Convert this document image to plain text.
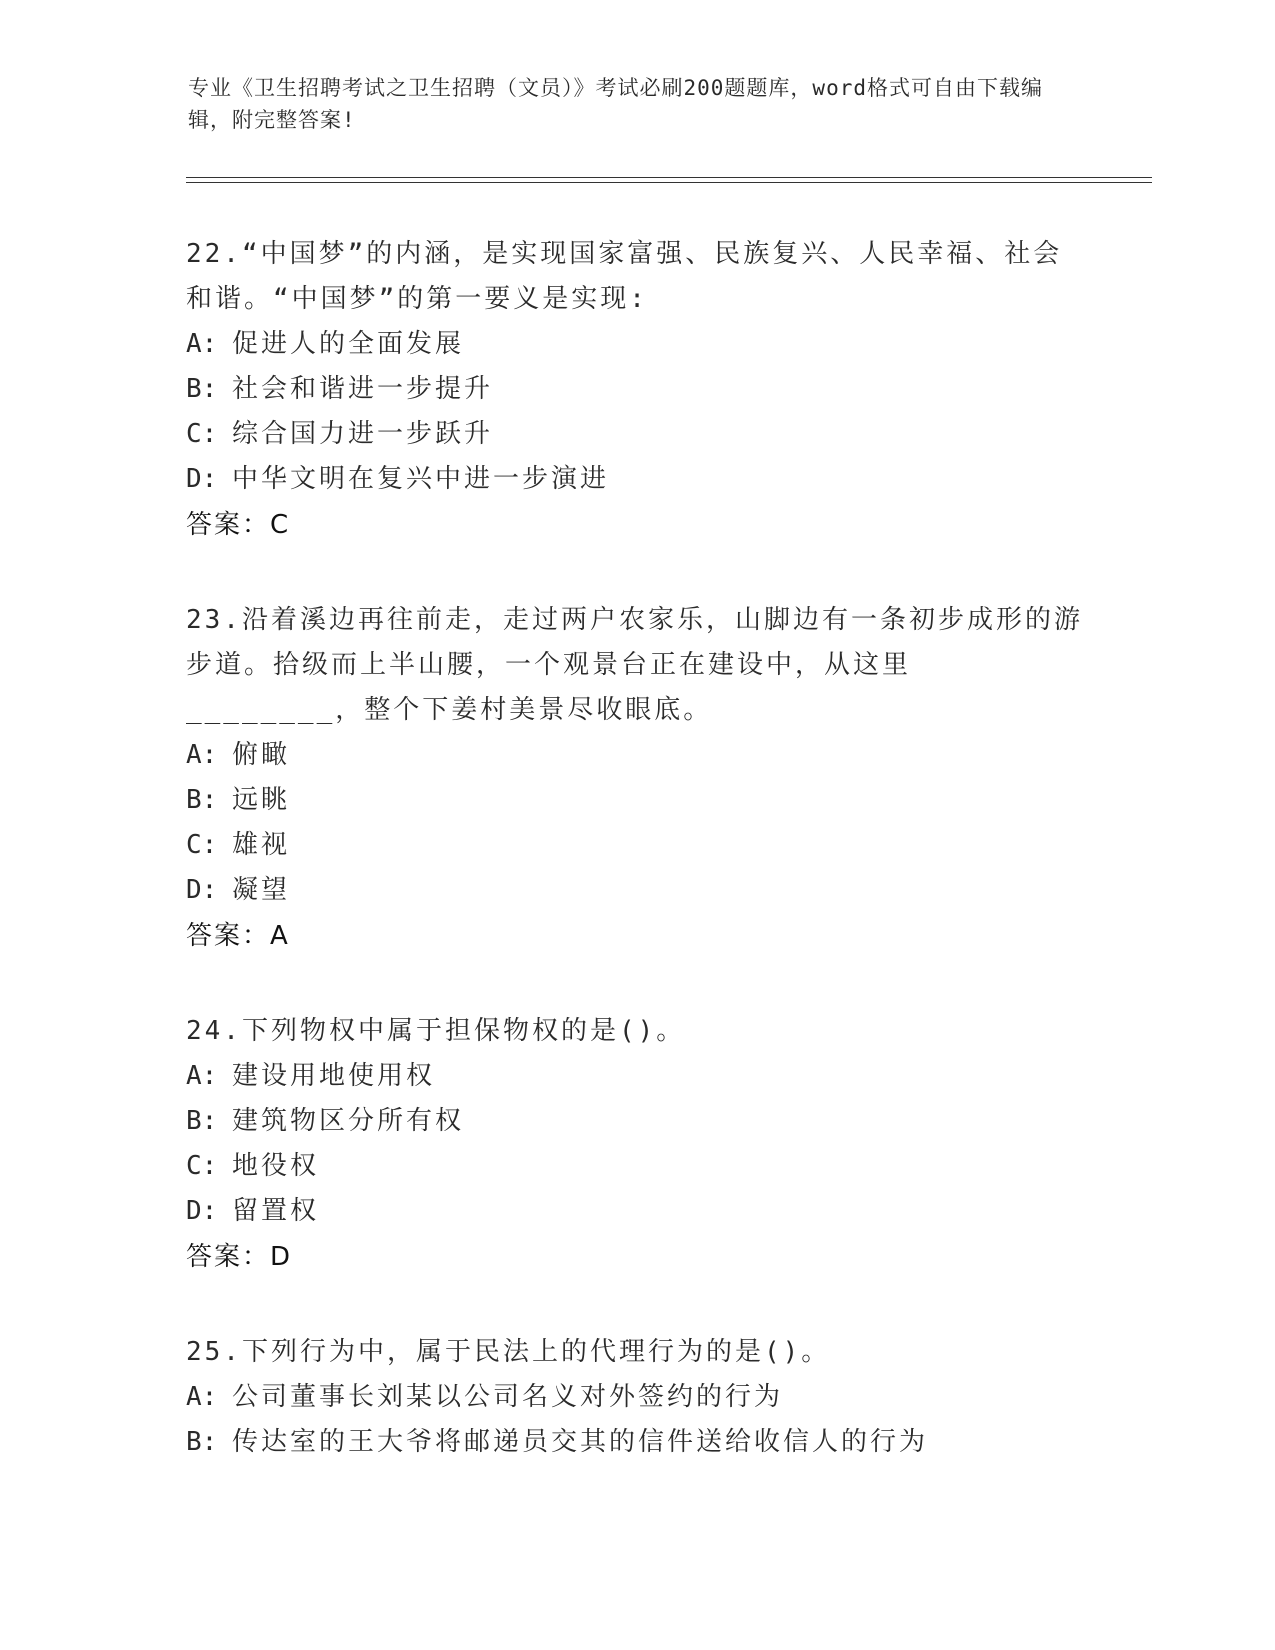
专业《卫生招聘考试之卫生招聘（文员）》考试必刷200题题库，word格式可自由下载编辑，附完整答案!

22.“中国梦”的内涵，是实现国家富强、民族复兴、人民幸福、社会和谐。“中国梦”的第一要义是实现:

A: 促进人的全面发展
B: 社会和谐进一步提升
C: 综合国力进一步跃升
D: 中华文明在复兴中进一步演进
答案：C

23.沿着溪边再往前走，走过两户农家乐，山脚边有一条初步成形的游步道。拾级而上半山腰，一个观景台正在建设中，从这里________，整个下姜村美景尽收眼底。

A: 俯瞰
B: 远眺
C: 雄视
D: 凝望
答案：A

24.下列物权中属于担保物权的是()。

A: 建设用地使用权
B: 建筑物区分所有权
C: 地役权
D: 留置权
答案：D

25.下列行为中，属于民法上的代理行为的是()。

A: 公司董事长刘某以公司名义对外签约的行为
B: 传达室的王大爷将邮递员交其的信件送给收信人的行为
